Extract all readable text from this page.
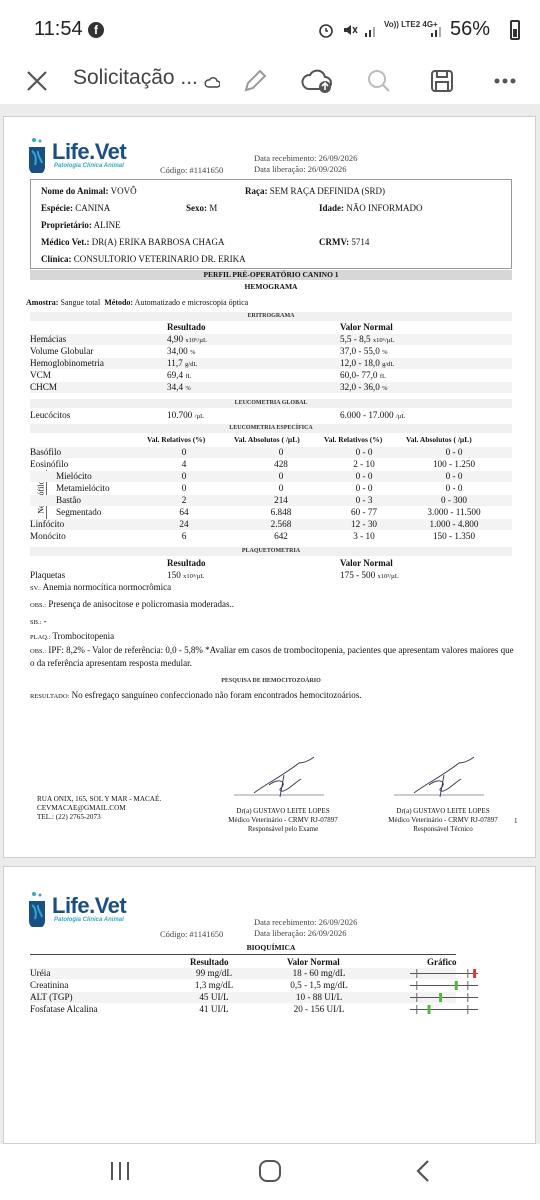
11:54 f	Vo)) LTE2 4G+ 56%
Solicitação ...
Life.Vet
Patologia Clínica Animal	Código: #1141650
Data recebimento: 26/09/2026
Data liberação: 26/09/2026
Nome do Animal: VOVÔ	Raça: SEM RAÇA DEFINIDA (SRD)
Espécie: CANINA	Sexo: M	Idade: NÃO INFORMADO
Proprietário: ALINE
Médico Vet.: DR(A) ERIKA BARBOSA CHAGA	CRMV: 5714
Clínica: CONSULTORIO VETERINARIO DR. ERIKA
PERFIL PRÉ-OPERATÓRIO CANINO 1
HEMOGRAMA
Amostra: Sangue total Método: Automatizado e microscopia óptica
ERITROGRAMA
Resultado	Valor Normal
Hemácias	4,90 x10⁶/µL	5,5 - 8,5 x10⁶/µL
Volume Globular	34,00 %	37,0 - 55,0 %
Hemoglobinometria	11,7 g/dL	12,0 - 18,0 g/dL
VCM	69,4 fL	60,0- 77,0 fL
CHCM	34,4 %	32,0 - 36,0 %
LEUCOMETRIA GLOBAL
Leucócitos	10.700 /µL	6.000 - 17.000 /µL
LEUCOMETRIA ESPECÍFICA
Val. Relativos (%)	Val. Absolutos ( /µL)	Val. Relativos (%)	Val. Absolutos ( /µL)
Basófilo	0	0	0 - 0	0 - 0
Eosinófilo	4	428	2 - 10	100 - 1.250
Mielócito	0	0	0 - 0	0 - 0
Metamielócito	0	0	0 - 0	0 - 0
Bastão	2	214	0 - 3	0 - 300
Segmentado	64	6.848	60 - 77	3.000 - 11.500
Linfócito	24	2.568	12 - 30	1.000 - 4.800
Monócito	6	642	3 - 10	150 - 1.350
PLAQUETOMETRIA
Resultado	Valor Normal
Plaquetas	150 x10³/µL	175 - 500 x10³/µL
SV.: Anemia normocítica normocrômica
OBS.: Presença de anisocitose e policromasia moderadas..
SB.: -
PLAQ.: Trombocitopenia
OBS.: IPF: 8,2% - Valor de referência: 0,0 - 5,8% *Avaliar em casos de trombocitopenia, pacientes que apresentam valores maiores que o da referência apresentam resposta medular.
PESQUISA DE HEMOCITOZOÁRIO
RESULTADO: No esfregaço sanguíneo confeccionado não foram encontrados hemocitozoários.
RUA ONIX, 165, SOL Y MAR - MACAÉ.
CEVMACAE@GMAIL.COM
TEL.: (22) 2765-2073
Dr(a) GUSTAVO LEITE LOPES
Médico Veterinário - CRMV RJ-07897
Responsável pelo Exame
Dr(a) GUSTAVO LEITE LOPES
Médico Veterinário - CRMV RJ-07897
Responsável Técnico
1
Life.Vet
Patologia Clínica Animal
Código: #1141650
Data recebimento: 26/09/2026
Data liberação: 26/09/2026
BIOQUÍMICA
Resultado	Valor Normal	Gráfico
Uréia	99 mg/dL	18 - 60 mg/dL
Creatinina	1,3 mg/dL	0,5 - 1,5 mg/dL
ALT (TGP)	45 UI/L	10 - 88 UI/L
Fosfatase Alcalina	41 UI/L	20 - 156 UI/L
